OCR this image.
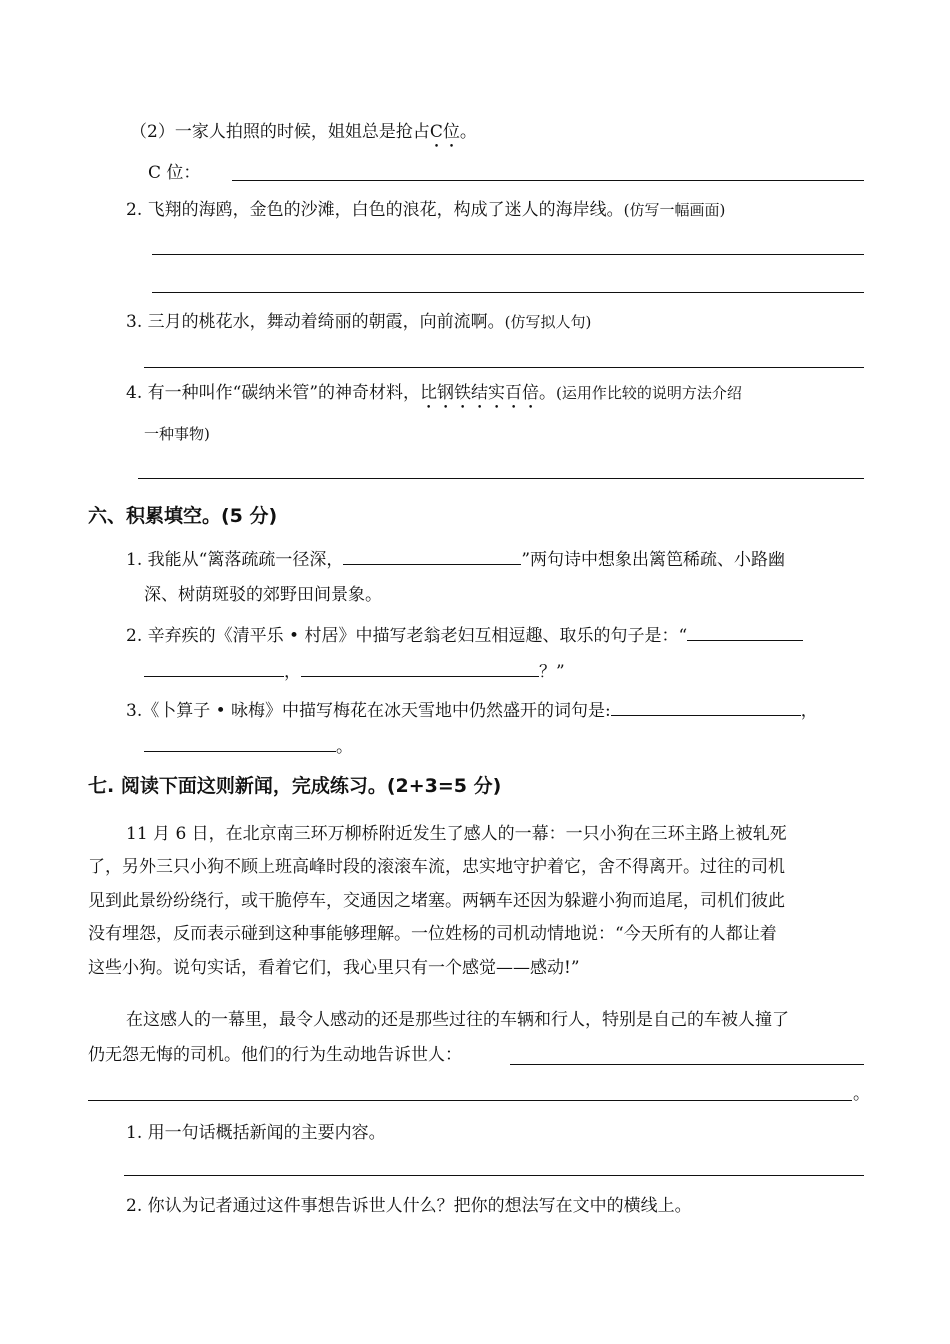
（2）一家人拍照的时候，姐姐总是抢占C位。
C 位：
2. 飞翔的海鸥，金色的沙滩，白色的浪花，构成了迷人的海岸线。(仿写一幅画面)
3. 三月的桃花水，舞动着绮丽的朝霞，向前流啊。(仿写拟人句)
4. 有一种叫作“碳纳米管”的神奇材料，比钢铁结实百倍。(运用作比较的说明方法介绍
一种事物)
六、积累填空。(5 分)
1. 我能从“篱落疏疏一径深，	”两句诗中想象出篱笆稀疏、小路幽
深、树荫斑驳的郊野田间景象。
2. 辛弃疾的《清平乐 • 村居》中描写老翁老妇互相逗趣、取乐的句子是：“
，	？”
3.《卜算子 • 咏梅》中描写梅花在冰天雪地中仍然盛开的词句是:	，
。
七. 阅读下面这则新闻，完成练习。(2+3=5 分)
11 月 6 日，在北京南三环万柳桥附近发生了感人的一幕：一只小狗在三环主路上被轧死
了，另外三只小狗不顾上班高峰时段的滚滚车流，忠实地守护着它，舍不得离开。过往的司机
见到此景纷纷绕行，或干脆停车，交通因之堵塞。两辆车还因为躲避小狗而追尾，司机们彼此
没有埋怨，反而表示碰到这种事能够理解。一位姓杨的司机动情地说：“今天所有的人都让着
这些小狗。说句实话，看着它们，我心里只有一个感觉——感动!”
在这感人的一幕里，最令人感动的还是那些过往的车辆和行人，特别是自己的车被人撞了
仍无怨无悔的司机。他们的行为生动地告诉世人：
。
1. 用一句话概括新闻的主要内容。
2. 你认为记者通过这件事想告诉世人什么？把你的想法写在文中的横线上。
